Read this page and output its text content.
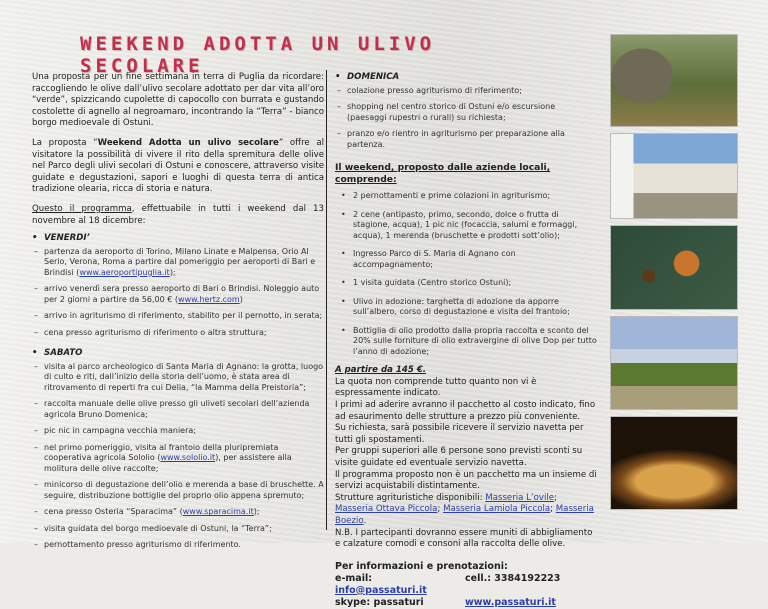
WEEKEND ADOTTA UN ULIVO SECOLARE

Una proposta per un fine settimana in terra di Puglia da ricordare: raccogliendo le olive dall’ulivo secolare adottato per dar vita all’oro “verde”, spizzicando cupolette di capocollo con burrata e gustando costolette di agnello al negroamaro, incontrando la “Terra” - bianco borgo medioevale di Ostuni.

La proposta “Weekend Adotta un ulivo secolare” offre al visitatore la possibilità di vivere il rito della spremitura delle olive nel Parco degli ulivi secolari di Ostuni e conoscere, attraverso visite guidate e degustazioni, sapori e luoghi di questa terra di antica tradizione olearia, ricca di storia e natura.

Questo il programma, effettuabile in tutti i weekend dal 13 novembre al 18 dicembre:

• VENERDI’
– partenza da aeroporto di Torino, Milano Linate e Malpensa, Orio Al Serio, Verona, Roma a partire dal pomeriggio per aeroporti di Bari e Brindisi (www.aeroportipuglia.it);
– arrivo venerdì sera presso aeroporto di Bari o Brindisi. Noleggio auto per 2 giorni a partire da 56,00 € (www.hertz.com)
– arrivo in agriturismo di riferimento, stabilito per il pernotto, in serata;
– cena presso agriturismo di riferimento o altra struttura;
• SABATO
– visita al parco archeologico di Santa Maria di Agnano: la grotta, luogo di culto e riti, dall’inizio della storia dell’uomo, è stata area di ritrovamento di reperti fra cui Delia, “la Mamma della Preistoria”;
– raccolta manuale delle olive presso gli uliveti secolari dell’azienda agricola Bruno Domenica;
– pic nic in campagna vecchia maniera;
– nel primo pomeriggio, visita al frantoio della pluripremiata cooperativa agricola Sololio (www.sololio.it), per assistere alla molitura delle olive raccolte;
– minicorso di degustazione dell’olio e merenda a base di bruschette. A seguire, distribuzione bottiglie del proprio olio appena spremuto;
– cena presso Osteria “Sparacima” (www.sparacima.it);
– visita guidata del borgo medioevale di Ostuni, la “Terra”;
– pernottamento presso agriturismo di riferimento.
• DOMENICA
– colazione presso agriturismo di riferimento;
– shopping nel centro storico di Ostuni e/o escursione (paesaggi rupestri o rurali) su richiesta;
– pranzo e/o rientro in agriturismo per preparazione alla partenza.
Il weekend, proposto dalle aziende locali, comprende:
• 2 pernottamenti e prime colazioni in agriturismo;
• 2 cene (antipasto, primo, secondo, dolce o frutta di stagione, acqua), 1 pic nic (focaccia, salumi e formaggi, acqua), 1 merenda (bruschette e prodotti sott’olio);
• Ingresso Parco di S. Maria di Agnano con accompagnamento;
• 1 visita guidata (Centro storico Ostuni);
• Ulivo in adozione: targhetta di adozione da apporre sull’albero, corso di degustazione e visita del frantoio;
• Bottiglia di olio prodotto dalla propria raccolta e sconto del 20% sulle forniture di olio extravergine di olive Dop per tutto l’anno di adozione;
A partire da 145 €.
La quota non comprende tutto quanto non vi è espressamente indicato.
I primi ad aderire avranno il pacchetto al costo indicato, fino ad esaurimento delle strutture a prezzo più conveniente.
Su richiesta, sarà possibile ricevere il servizio navetta per tutti gli spostamenti.
Per gruppi superiori alle 6 persone sono previsti sconti su visite guidate ed eventuale servizio navetta.
Il programma proposto non è un pacchetto ma un insieme di servizi acquistabili distintamente.
Strutture agrituristiche disponibili: Masseria L’ovile; Masseria Ottava Piccola; Masseria Lamiola Piccola; Masseria Boezio.
N.B. I partecipanti dovranno essere muniti di abbigliamento e calzature comodi e consoni alla raccolta delle olive.
Per informazioni e prenotazioni:
e-mail: info@passaturi.it
cell.: 3384192223
skype: passaturi	www.passaturi.it
